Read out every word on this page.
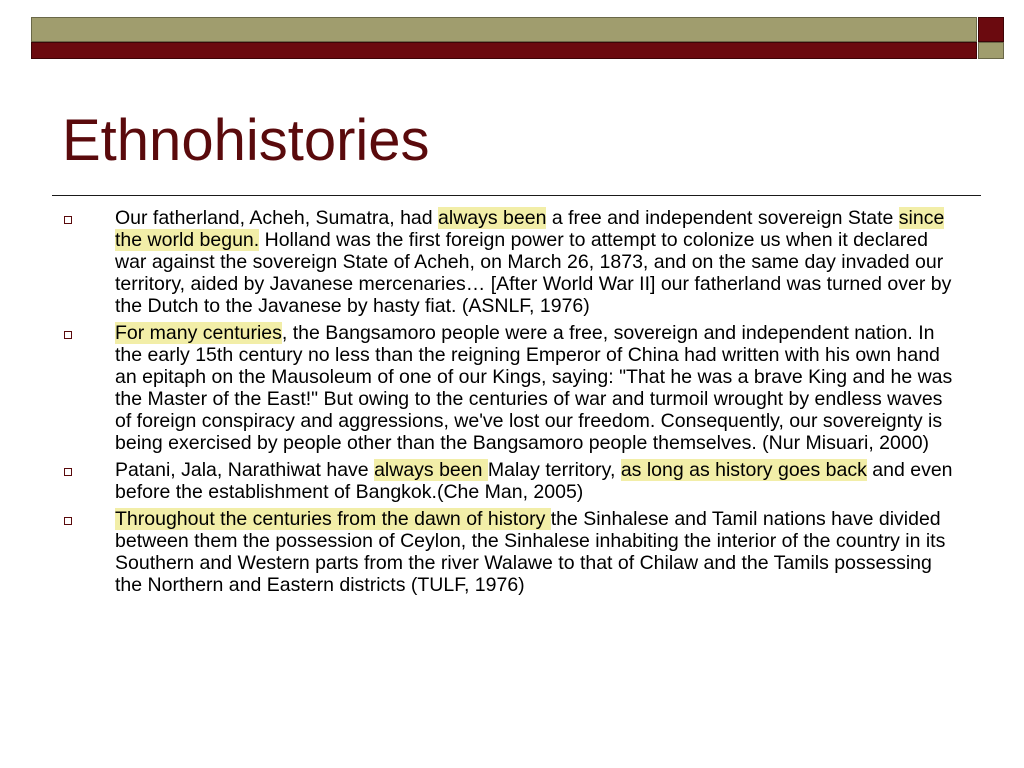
Ethnohistories
Our fatherland, Acheh, Sumatra, had always been a free and independent sovereign State since the world begun. Holland was the first foreign power to attempt to colonize us when it declared war against the sovereign State of Acheh, on March 26, 1873, and on the same day invaded our territory, aided by Javanese mercenaries… [After World War II] our fatherland was turned over by the Dutch to the Javanese by hasty fiat. (ASNLF, 1976)
For many centuries, the Bangsamoro people were a free, sovereign and independent nation. In the early 15th century no less than the reigning Emperor of China had written with his own hand an epitaph on the Mausoleum of one of our Kings, saying: "That he was a brave King and he was the Master of the East!" But owing to the centuries of war and turmoil wrought by endless waves of foreign conspiracy and aggressions, we've lost our freedom. Consequently, our sovereignty is being exercised by people other than the Bangsamoro people themselves. (Nur Misuari, 2000)
Patani, Jala, Narathiwat have always been Malay territory, as long as history goes back and even before the establishment of Bangkok.(Che Man, 2005)
Throughout the centuries from the dawn of history the Sinhalese and Tamil nations have divided between them the possession of Ceylon, the Sinhalese inhabiting the interior of the country in its Southern and Western parts from the river Walawe to that of Chilaw and the Tamils possessing the Northern and Eastern districts (TULF, 1976)
